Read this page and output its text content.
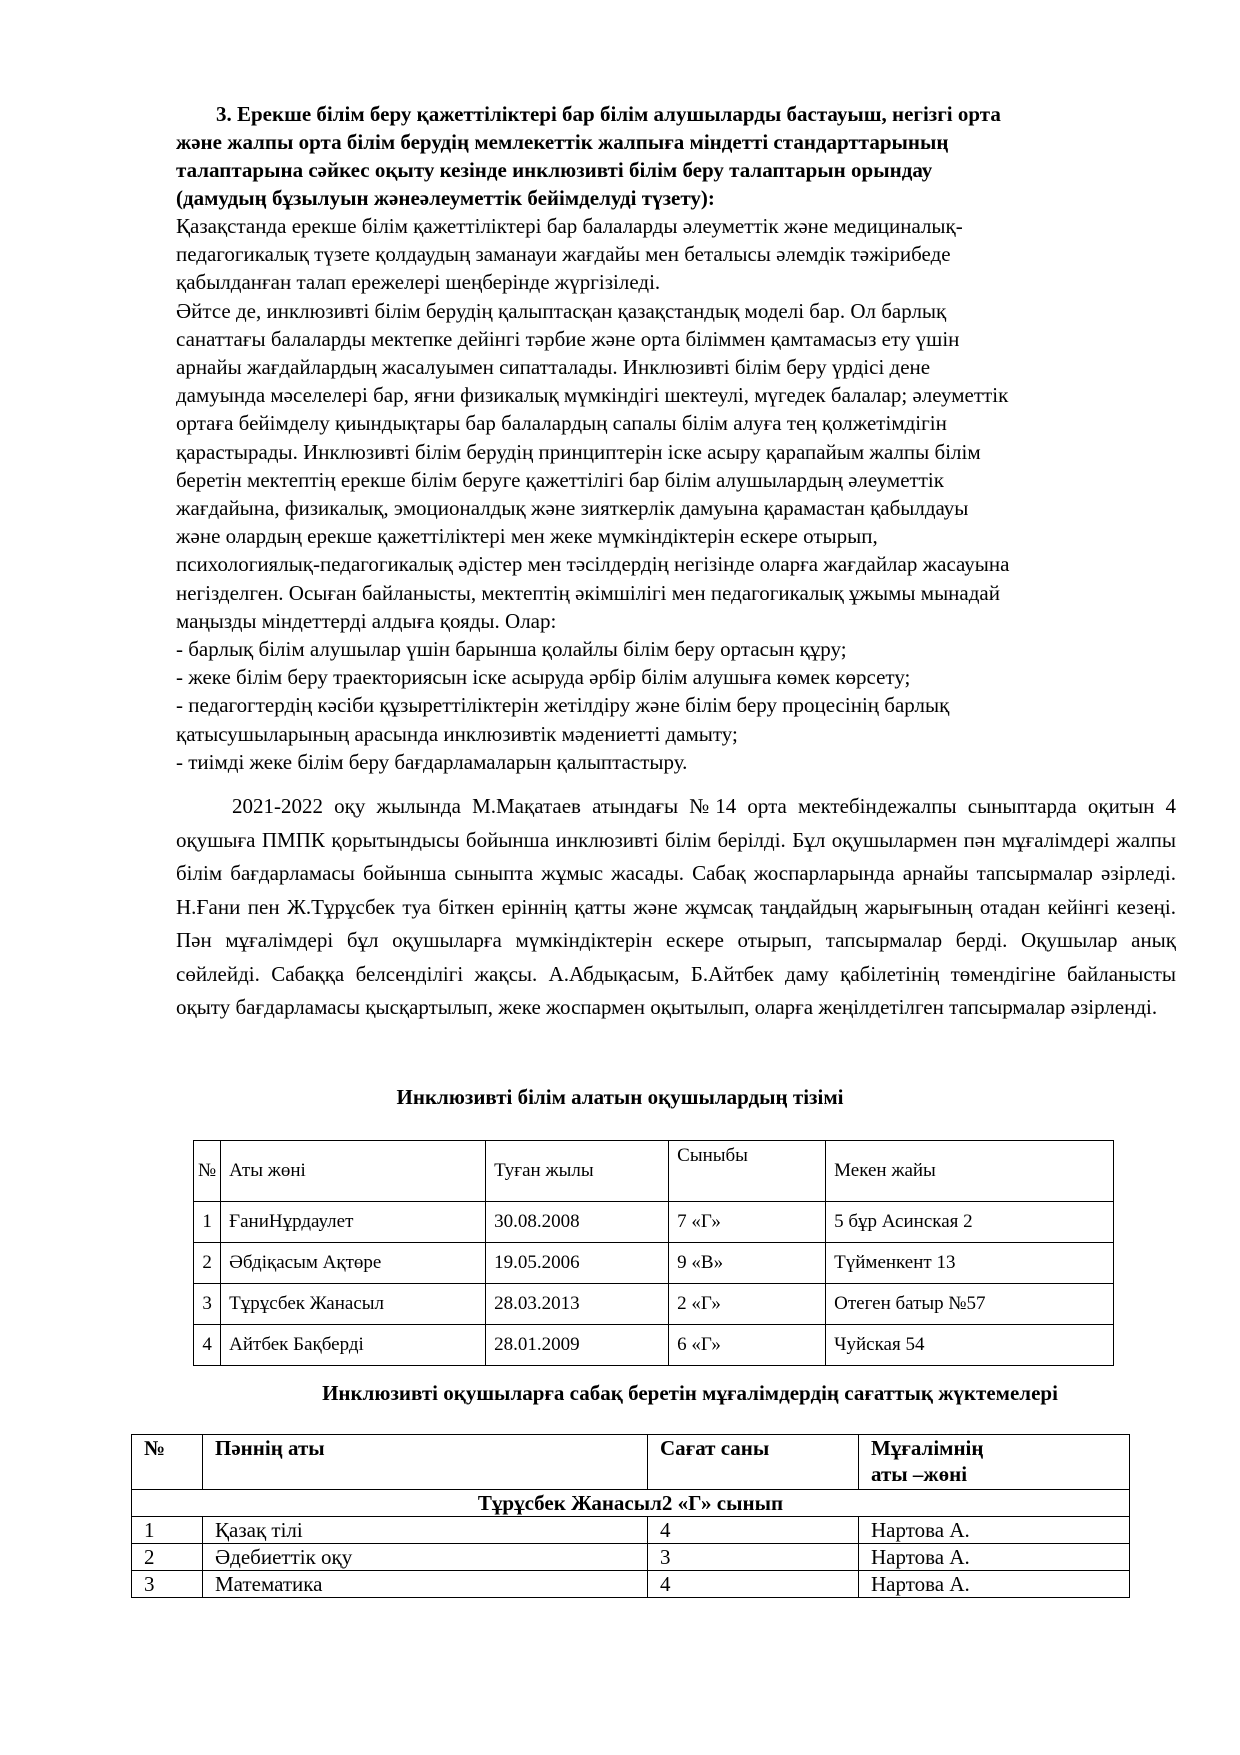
3. Ерекше білім беру қажеттіліктері бар білім алушыларды бастауыш, негізгі орта
және жалпы орта білім берудің мемлекеттік жалпыға міндетті стандарттарының
талаптарына сәйкес оқыту кезінде инклюзивті білім беру талаптарын орындау
(дамудың бұзылуын жәнеәлеуметтік бейімделуді түзету):
Қазақстанда ерекше білім қажеттіліктері бар балаларды әлеуметтік және медициналық-
педагогикалық түзете қолдаудың заманауи жағдайы мен беталысы әлемдік тәжірибеде
қабылданған талап ережелері шеңберінде жүргізіледі.
Әйтсе де, инклюзивті білім берудің қалыптасқан қазақстандық моделі бар. Ол барлық
санаттағы балаларды мектепке дейінгі тәрбие және орта біліммен қамтамасыз ету үшін
арнайы жағдайлардың жасалуымен сипатталады. Инклюзивті білім беру үрдісі дене
дамуында мәселелері бар, яғни физикалық мүмкіндігі шектеулі, мүгедек балалар; әлеуметтік
ортаға бейімделу қиындықтары бар балалардың сапалы білім алуға тең қолжетімдігін
қарастырады. Инклюзивті білім берудің принциптерін іске асыру қарапайым жалпы білім
беретін мектептің ерекше білім беруге қажеттілігі бар білім алушылардың әлеуметтік
жағдайына, физикалық, эмоционалдық және зияткерлік дамуына қарамастан қабылдауы
және олардың ерекше қажеттіліктері мен жеке мүмкіндіктерін ескере отырып,
психологиялық-педагогикалық әдістер мен тәсілдердің негізінде оларға жағдайлар жасауына
негізделген. Осыған байланысты, мектептің әкімшілігі мен педагогикалық ұжымы мынадай
маңызды міндеттерді алдыға қояды. Олар:
- барлық білім алушылар үшін барынша қолайлы білім беру ортасын құру;
- жеке білім беру траекториясын іске асыруда әрбір білім алушыға көмек көрсету;
- педагогтердің кәсіби құзыреттіліктерін жетілдіру және білім беру процесінің барлық
қатысушыларының арасында инклюзивтік мәдениетті дамыту;
- тиімді жеке білім беру бағдарламаларын қалыптастыру.
2021-2022 оқу жылында М.Мақатаев атындағы №14 орта мектебіндежалпы сыныптарда оқитын 4 оқушыға ПМПК қорытындысы бойынша инклюзивті білім берілді. Бұл оқушылармен пән мұғалімдері жалпы білім бағдарламасы бойынша сыныпта жұмыс жасады. Сабақ жоспарларында арнайы тапсырмалар әзірледі. Н.Ғани пен Ж.Тұрұсбек туа біткен еріннің қатты және жұмсақ таңдайдың жарығының отадан кейінгі кезеңі. Пән мұғалімдері бұл оқушыларға мүмкіндіктерін ескере отырып, тапсырмалар берді. Оқушылар анық сөйлейді. Сабаққа белсенділігі жақсы. А.Абдықасым, Б.Айтбек даму қабілетінің төмендігіне байланысты оқыту бағдарламасы қысқартылып, жеке жоспармен оқытылып, оларға жеңілдетілген тапсырмалар әзірленді.
Инклюзивті білім алатын оқушылардың тізімі
№	Аты жөні	Туған жылы	Сыныбы	Мекен жайы
1	ҒаниНұрдаулет	30.08.2008	7 «Г»	5 бұр Асинская 2
2	Әбдіқасым Ақтөре	19.05.2006	9 «В»	Түйменкент 13
3	Тұрұсбек Жанасыл	28.03.2013	2 «Г»	Отеген батыр №57
4	Айтбек Бақберді	28.01.2009	6 «Г»	Чуйская 54
Инклюзивті оқушыларға сабақ беретін мұғалімдердің сағаттық жүктемелері
№	Пәннің аты	Сағат саны	Мұғалімнің
аты –жөні

Тұрұсбек Жанасыл2 «Г» сынып			
1	Қазақ тілі	4	Нартова А.
2	Әдебиеттік оқу	3	Нартова А.
3	Математика	4	Нартова А.
